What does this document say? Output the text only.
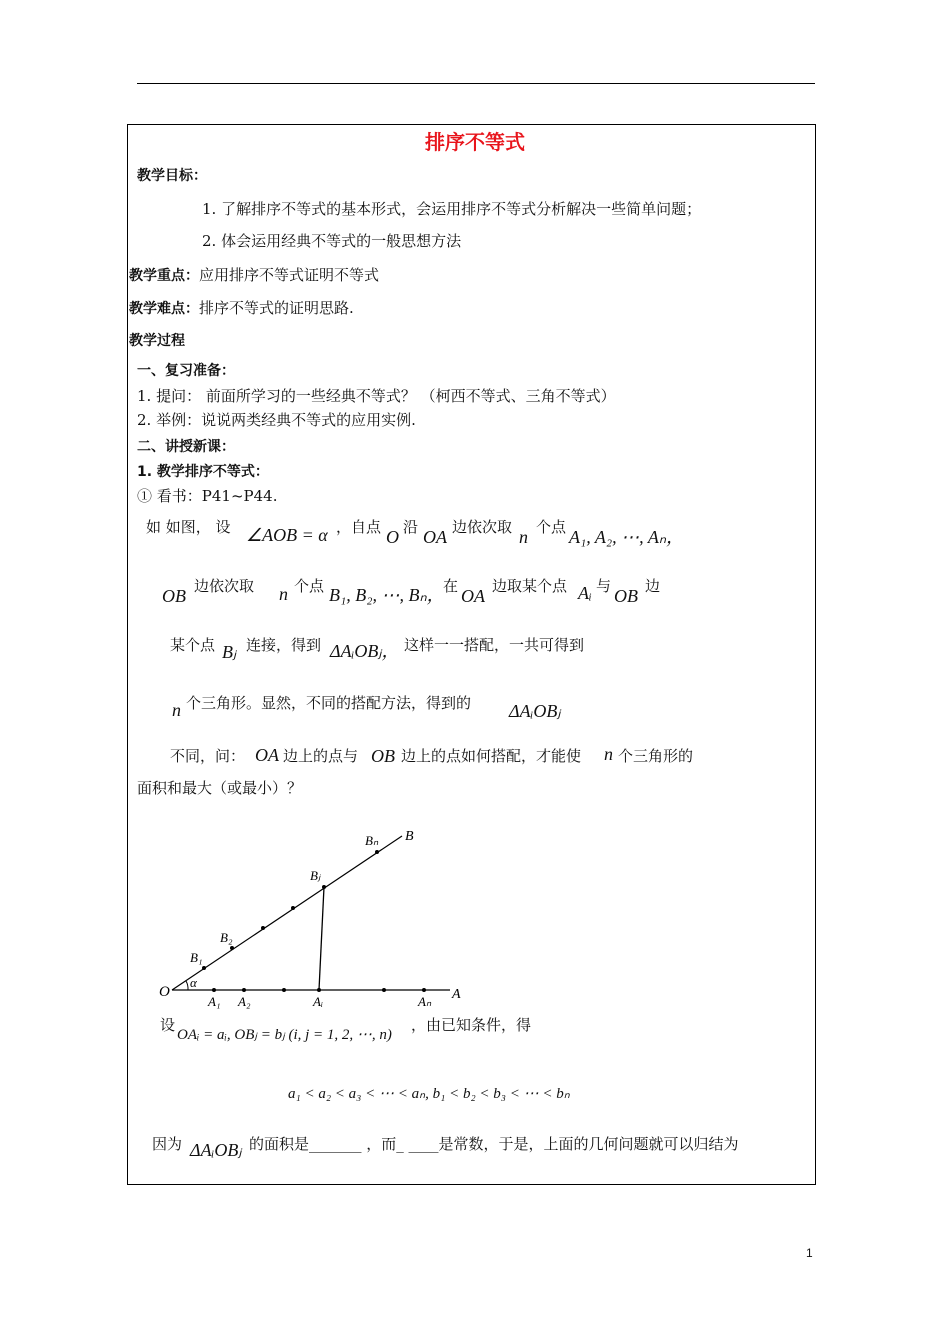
排序不等式
教学目标：
1. 了解排序不等式的基本形式，会运用排序不等式分析解决一些简单问题；
2. 体会运用经典不等式的一般思想方法
教学重点：应用排序不等式证明不等式
教学难点：排序不等式的证明思路.
教学过程
一、复习准备：
1. 提问： 前面所学习的一些经典不等式？ （柯西不等式、三角不等式）
2. 举例：说说两类经典不等式的应用实例.
二、讲授新课：
1. 教学排序不等式：
① 看书：P41~P44.
如 如图， 设 ∠AOB = α ，自点 O 沿 OA 边依次取 n 个点 A₁, A₂, ⋯, Aₙ，
OB 边依次取 n 个点 B₁, B₂, ⋯, Bₙ，
在 OA 边取某个点 Aᵢ 与 OB 边
某个点 Bⱼ 连接，得到 ΔAᵢOBⱼ， 这样一一搭配，一共可得到
n 个三角形。显然，不同的搭配方法，得到的 ΔAᵢOBⱼ
不同，问： OA 边上的点与 OB 边上的点如何搭配，才能使 n 个三角形的
面积和最大（或最小）？
O
α
A
B
A₁ A₂	Aᵢ	Aₙ
B₁
B₂
Bⱼ
Bₙ
设
OAᵢ = aᵢ, OBⱼ = bⱼ (i, j = 1, 2, ⋯, n)
，由已知条件，得
a₁ < a₂ < a₃ < ⋯ < aₙ, b₁ < b₂ < b₃ < ⋯ < bₙ
因为 ΔAᵢOBⱼ 的面积是_______ ，而_ ____是常数，于是，上面的几何问题就可以归结为
1
